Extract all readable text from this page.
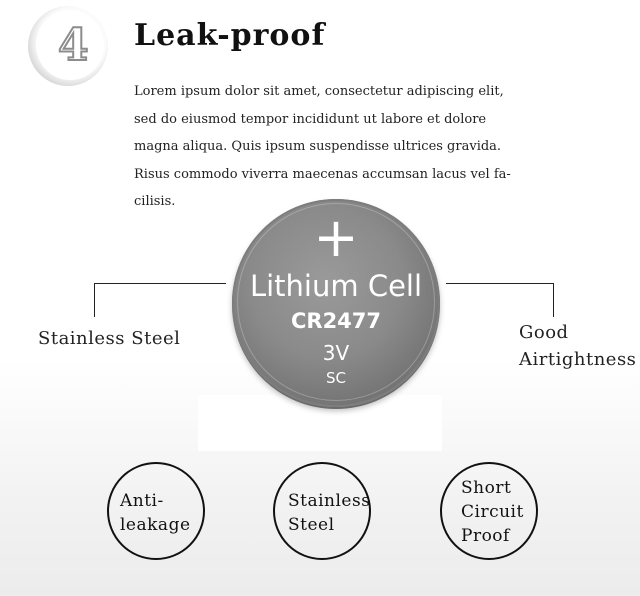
4 Leak-proof
Lorem ipsum dolor sit amet, consectetur adipiscing elit,
sed do eiusmod tempor incididunt ut labore et dolore
magna aliqua. Quis ipsum suspendisse ultrices gravida.
Risus commodo viverra maecenas accumsan lacus vel fa-
cilisis.
+
Lithium Cell
CR2477
3V
SC
Stainless Steel	Good
Airtightness
Anti-
leakage
Stainless
Steel
Short
Circuit
Proof
